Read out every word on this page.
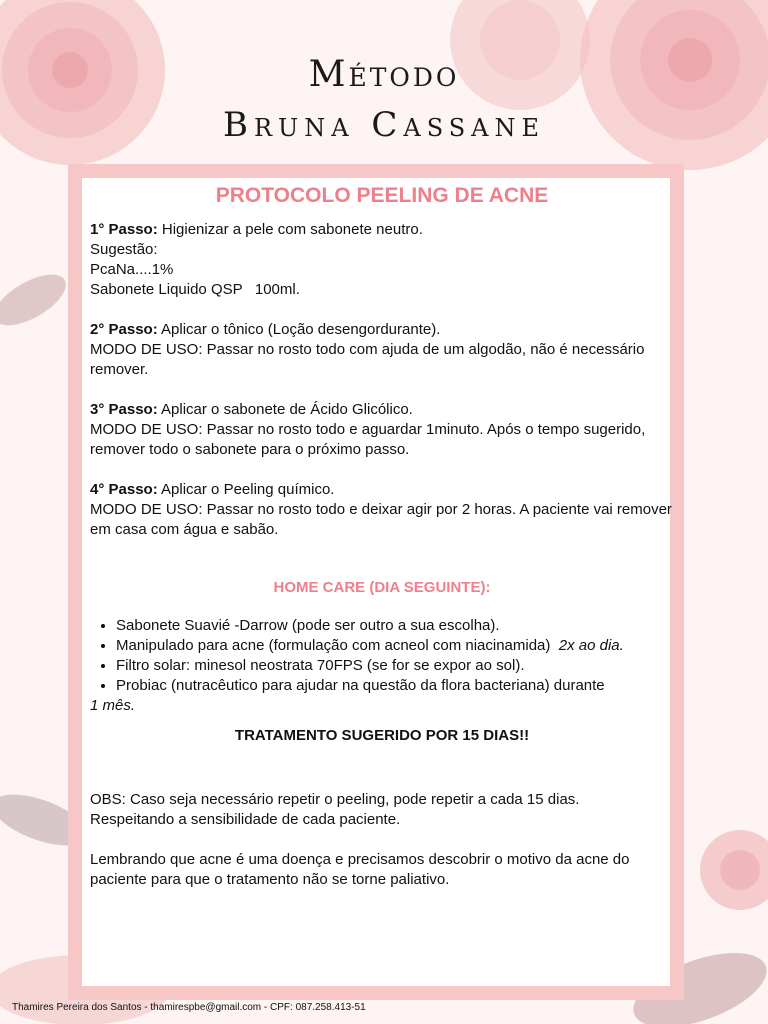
Método
Bruna Cassane

PROTOCOLO PEELING DE ACNE

1° Passo: Higienizar a pele com sabonete neutro.

Sugestão:

PcaNa....1%

Sabonete Liquido QSP   100ml.

2° Passo: Aplicar o tônico (Loção desengordurante).

MODO DE USO: Passar no rosto todo com ajuda de um algodão, não é necessário remover.

3° Passo: Aplicar o sabonete de Ácido Glicólico.

MODO DE USO: Passar no rosto todo e aguardar 1minuto. Após o tempo sugerido, remover todo o sabonete para o próximo passo.

4° Passo: Aplicar o Peeling químico.

MODO DE USO: Passar no rosto todo e deixar agir por 2 horas. A paciente vai remover em casa com água e sabão.

HOME CARE (DIA SEGUINTE):

• Sabonete Suavié -Darrow (pode ser outro a sua escolha).
• Manipulado para acne (formulação com acneol com niacinamida)  2x ao dia.
• Filtro solar: minesol neostrata 70FPS (se for se expor ao sol).
• Probiac (nutracêutico para ajudar na questão da flora bacteriana) durante

1 mês.

TRATAMENTO SUGERIDO POR 15 DIAS!!

OBS: Caso seja necessário repetir o peeling, pode repetir a cada 15 dias.

Respeitando a sensibilidade de cada paciente.

Lembrando que acne é uma doença e precisamos descobrir o motivo da acne do paciente para que o tratamento não se torne paliativo.

Thamires Pereira dos Santos - thamirespbe@gmail.com - CPF: 087.258.413-51
